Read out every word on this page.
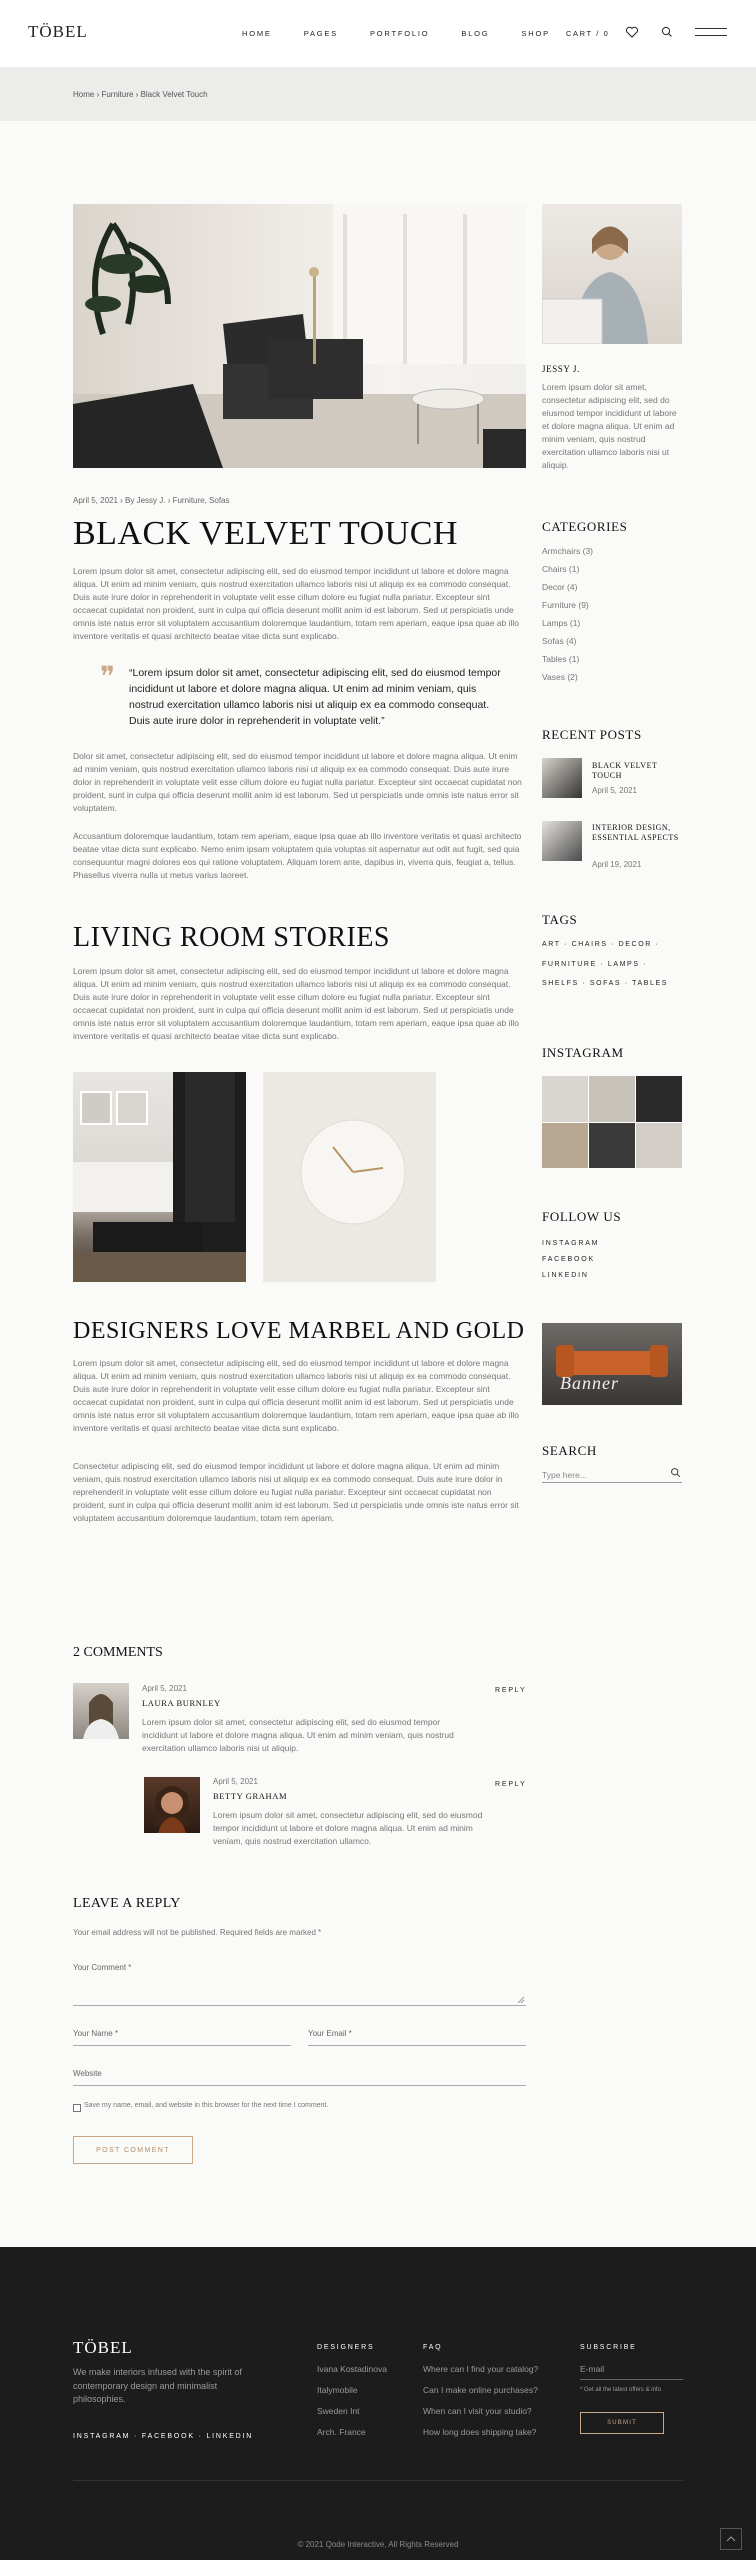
TÖBEL	HOME	PAGES	PORTFOLIO	BLOG	SHOP CART / 0
Home › Furniture › Black Velvet Touch
April 5, 2021 › By Jessy J. › Furniture, Sofas
BLACK VELVET TOUCH
Lorem ipsum dolor sit amet, consectetur adipiscing elit, sed do eiusmod tempor incididunt ut labore et dolore magna aliqua. Ut enim ad minim veniam, quis nostrud exercitation ullamco laboris nisi ut aliquip ex ea commodo consequat. Duis aute irure dolor in reprehenderit in voluptate velit esse cillum dolore eu fugiat nulla pariatur. Excepteur sint occaecat cupidatat non proident, sunt in culpa qui officia deserunt mollit anim id est laborum. Sed ut perspiciatis unde omnis iste natus error sit voluptatem accusantium doloremque laudantium, totam rem aperiam, eaque ipsa quae ab illo inventore veritatis et quasi architecto beatae vitae dicta sunt explicabo.
❞ “Lorem ipsum dolor sit amet, consectetur adipiscing elit, sed do eiusmod tempor incididunt ut labore et dolore magna aliqua. Ut enim ad minim veniam, quis nostrud exercitation ullamco laboris nisi ut aliquip ex ea commodo consequat. Duis aute irure dolor in reprehenderit in voluptate velit.”
Dolor sit amet, consectetur adipiscing elit, sed do eiusmod tempor incididunt ut labore et dolore magna aliqua. Ut enim ad minim veniam, quis nostrud exercitation ullamco laboris nisi ut aliquip ex ea commodo consequat. Duis aute irure dolor in reprehenderit in voluptate velit esse cillum dolore eu fugiat nulla pariatur. Excepteur sint occaecat cupidatat non proident, sunt in culpa qui officia deserunt mollit anim id est laborum. Sed ut perspiciatis unde omnis iste natus error sit voluptatem.
Accusantium doloremque laudantium, totam rem aperiam, eaque ipsa quae ab illo inventore veritatis et quasi architecto beatae vitae dicta sunt explicabo. Nemo enim ipsam voluptatem quia voluptas sit aspernatur aut odit aut fugit, sed quia consequuntur magni dolores eos qui ratione voluptatem. Aliquam lorem ante, dapibus in, viverra quis, feugiat a, tellus. Phasellus viverra nulla ut metus varius laoreet.
LIVING ROOM STORIES
Lorem ipsum dolor sit amet, consectetur adipiscing elit, sed do eiusmod tempor incididunt ut labore et dolore magna aliqua. Ut enim ad minim veniam, quis nostrud exercitation ullamco laboris nisi ut aliquip ex ea commodo consequat. Duis aute irure dolor in reprehenderit in voluptate velit esse cillum dolore eu fugiat nulla pariatur. Excepteur sint occaecat cupidatat non proident, sunt in culpa qui officia deserunt mollit anim id est laborum. Sed ut perspiciatis unde omnis iste natus error sit voluptatem accusantium doloremque laudantium, totam rem aperiam, eaque ipsa quae ab illo inventore veritatis et quasi architecto beatae vitae dicta sunt explicabo.
DESIGNERS LOVE MARBEL AND GOLD
Lorem ipsum dolor sit amet, consectetur adipiscing elit, sed do eiusmod tempor incididunt ut labore et dolore magna aliqua. Ut enim ad minim veniam, quis nostrud exercitation ullamco laboris nisi ut aliquip ex ea commodo consequat. Duis aute irure dolor in reprehenderit in voluptate velit esse cillum dolore eu fugiat nulla pariatur. Excepteur sint occaecat cupidatat non proident, sunt in culpa qui officia deserunt mollit anim id est laborum. Sed ut perspiciatis unde omnis iste natus error sit voluptatem accusantium doloremque laudantium, totam rem aperiam, eaque ipsa quae ab illo inventore veritatis et quasi architecto beatae vitae dicta sunt explicabo.
Consectetur adipiscing elit, sed do eiusmod tempor incididunt ut labore et dolore magna aliqua. Ut enim ad minim veniam, quis nostrud exercitation ullamco laboris nisi ut aliquip ex ea commodo consequat. Duis aute irure dolor in reprehenderit in voluptate velit esse cillum dolore eu fugiat nulla pariatur. Excepteur sint occaecat cupidatat non proident, sunt in culpa qui officia deserunt mollit anim id est laborum. Sed ut perspiciatis unde omnis iste natus error sit voluptatem accusantium doloremque laudantium, totam rem aperiam.
JESSY J.
Lorem ipsum dolor sit amet, consectetur adipiscing elit, sed do eiusmod tempor incididunt ut labore et dolore magna aliqua. Ut enim ad minim veniam, quis nostrud exercitation ullamco laboris nisi ut aliquip.
CATEGORIES
Armchairs (3)
Chairs (1)
Decor (4)
Furniture (9)
Lamps (1)
Sofas (4)
Tables (1)
Vases (2)
RECENT POSTS
BLACK VELVET TOUCH
April 5, 2021
INTERIOR DESIGN, ESSENTIAL ASPECTS
April 19, 2021
TAGS
ART · CHAIRS · DECOR · FURNITURE · LAMPS · SHELFS · SOFAS · TABLES
INSTAGRAM
FOLLOW US
INSTAGRAM
FACEBOOK
LINKEDIN
Banner
SEARCH
Type here...
2 COMMENTS
April 5, 2021
LAURA BURNLEY
Lorem ipsum dolor sit amet, consectetur adipiscing elit, sed do eiusmod tempor incididunt ut labore et dolore magna aliqua. Ut enim ad minim veniam, quis nostrud exercitation ullamco laboris nisi ut aliquip.
REPLY
April 5, 2021
BETTY GRAHAM
Lorem ipsum dolor sit amet, consectetur adipiscing elit, sed do eiusmod tempor incididunt ut labore et dolore magna aliqua. Ut enim ad minim veniam, quis nostrud exercitation ullamco.
REPLY
LEAVE A REPLY
Your email address will not be published. Required fields are marked *
Your Comment *
Your Name *	Your Email *
Website
Save my name, email, and website in this browser for the next time I comment.
POST COMMENT
TÖBEL
We make interiors infused with the spirit of contemporary design and minimalist philosophies.
INSTAGRAM · FACEBOOK · LINKEDIN
DESIGNERS
Ivana Kostadinova
Italymobile
Sweden Int
Arch. France
FAQ
Where can I find your catalog?
Can I make online purchases?
When can I visit your studio?
How long does shipping take?
SUBSCRIBE
E-mail
* Get all the latest offers & info
SUBMIT
© 2021 Qode Interactive, All Rights Reserved
